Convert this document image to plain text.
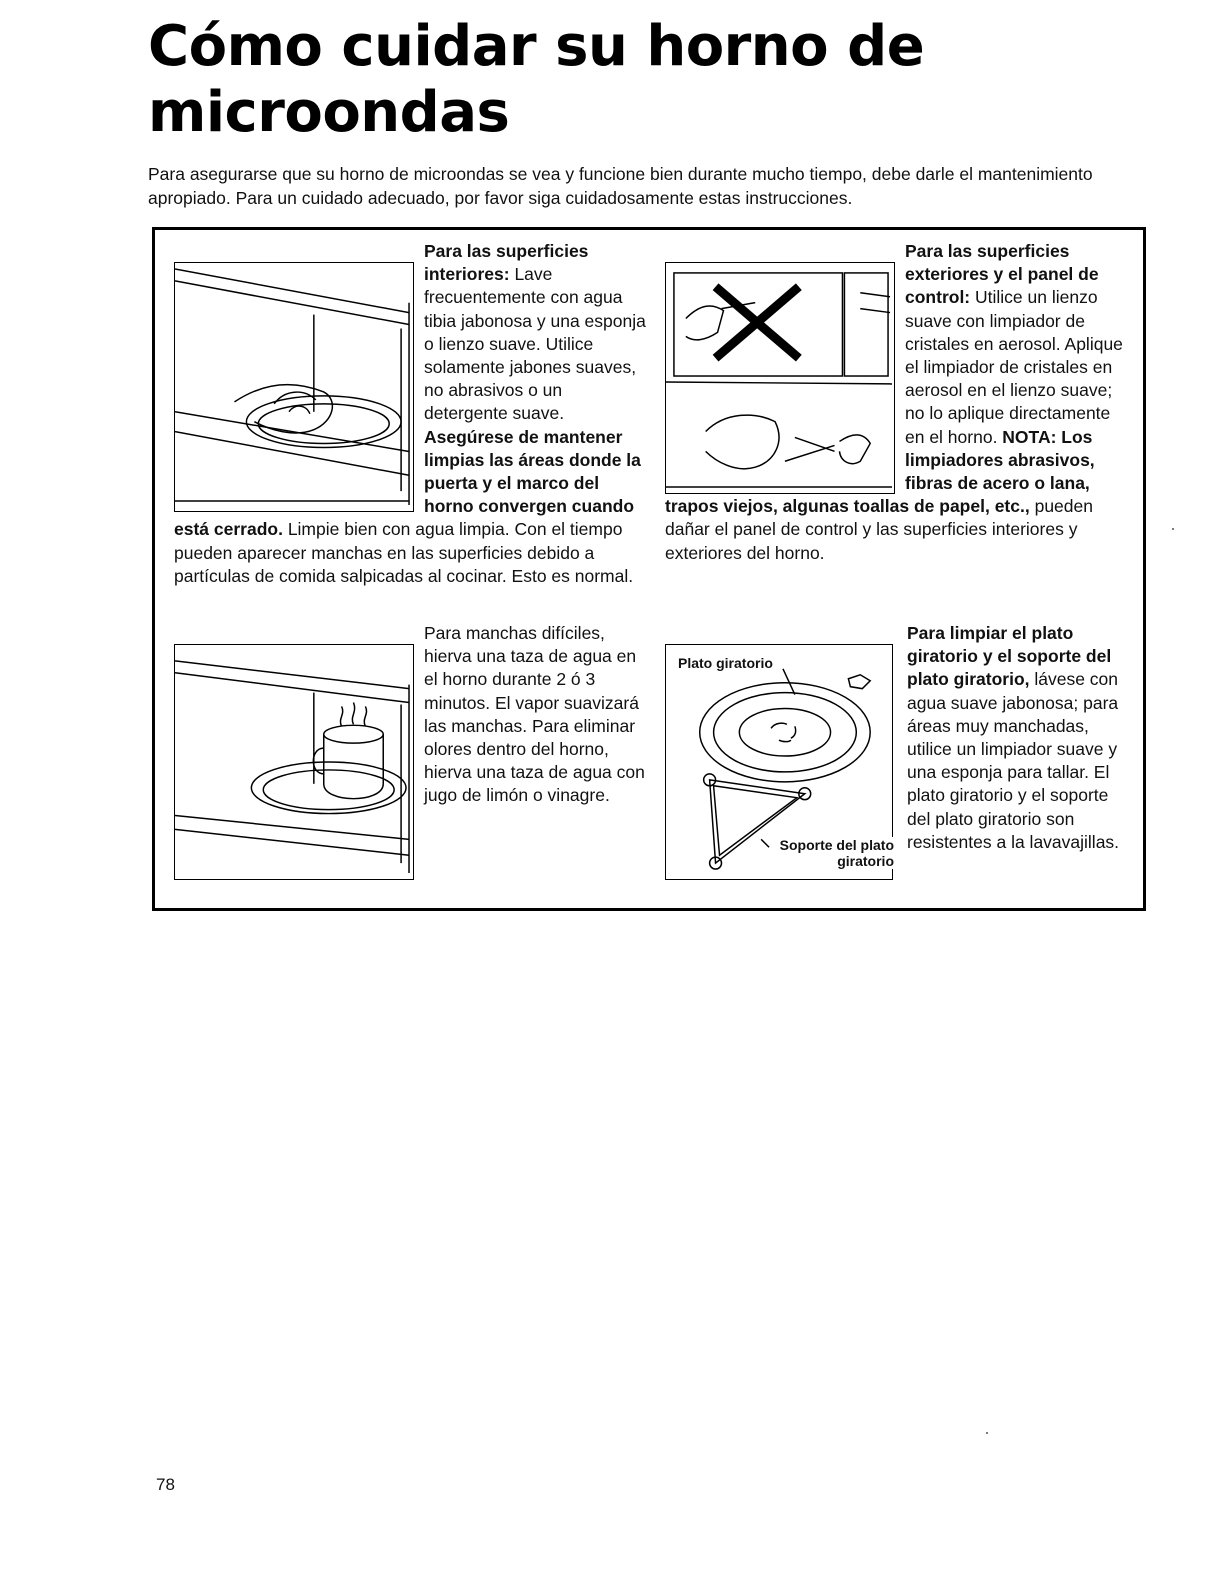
Cómo cuidar su horno de microondas

Para asegurarse que su horno de microondas se vea y funcione bien durante mucho tiempo, debe darle el mantenimiento apropiado. Para un cuidado adecuado, por favor siga cuidadosamente estas instrucciones.

Para las superficies interiores: Lave frecuentemente con agua tibia jabonosa y una esponja o lienzo suave. Utilice solamente jabones suaves, no abrasivos o un detergente suave. Asegúrese de mantener limpias las áreas donde la puerta y el marco del horno convergen cuando está cerrado. Limpie bien con agua limpia. Con el tiempo pueden aparecer manchas en las superficies debido a partículas de comida salpicadas al cocinar. Esto es normal.
Para manchas difíciles, hierva una taza de agua en el horno durante 2 ó 3 minutos. El vapor suavizará las manchas. Para eliminar olores dentro del horno, hierva una taza de agua con jugo de limón o vinagre.
Para las superficies exteriores y el panel de control: Utilice un lienzo suave con limpiador de cristales en aerosol. Aplique el limpiador de cristales en aerosol en el lienzo suave; no lo aplique directamente en el horno. NOTA: Los limpiadores abrasivos, fibras de acero o lana, trapos viejos, algunas toallas de papel, etc., pueden dañar el panel de control y las superficies interiores y exteriores del horno.
Plato giratorio
Soporte del plato giratorio
Para limpiar el plato giratorio y el soporte del plato giratorio, lávese con agua suave jabonosa; para áreas muy manchadas, utilice un limpiador suave y una esponja para tallar. El plato giratorio y el soporte del plato giratorio son resistentes a la lavavajillas.
78
